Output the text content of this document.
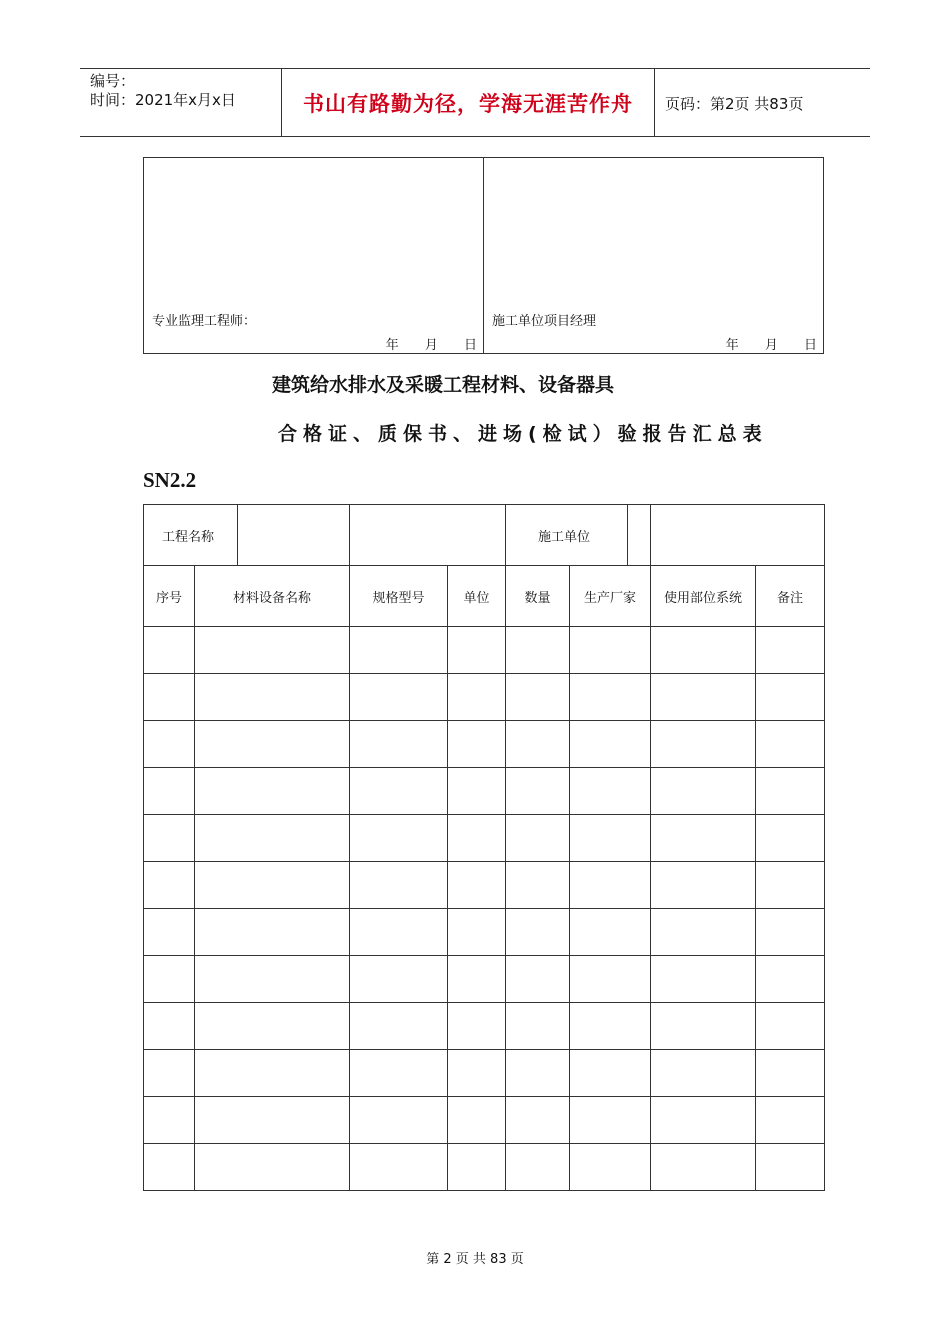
编号：
时间：2021年x月x日	书山有路勤为径，学海无涯苦作舟	页码：第2页 共83页
专业监理工程师：
年 月 日

施工单位项目经理
年 月 日
建筑给水排水及采暖工程材料、设备器具
合格证、质保书、进场(检试）验报告汇总表
SN2.2
工程名称				施工单位		

序号	材料设备名称	规格型号	单位	数量	生产厂家	使用部位系统	备注

第 2 页 共 83 页
